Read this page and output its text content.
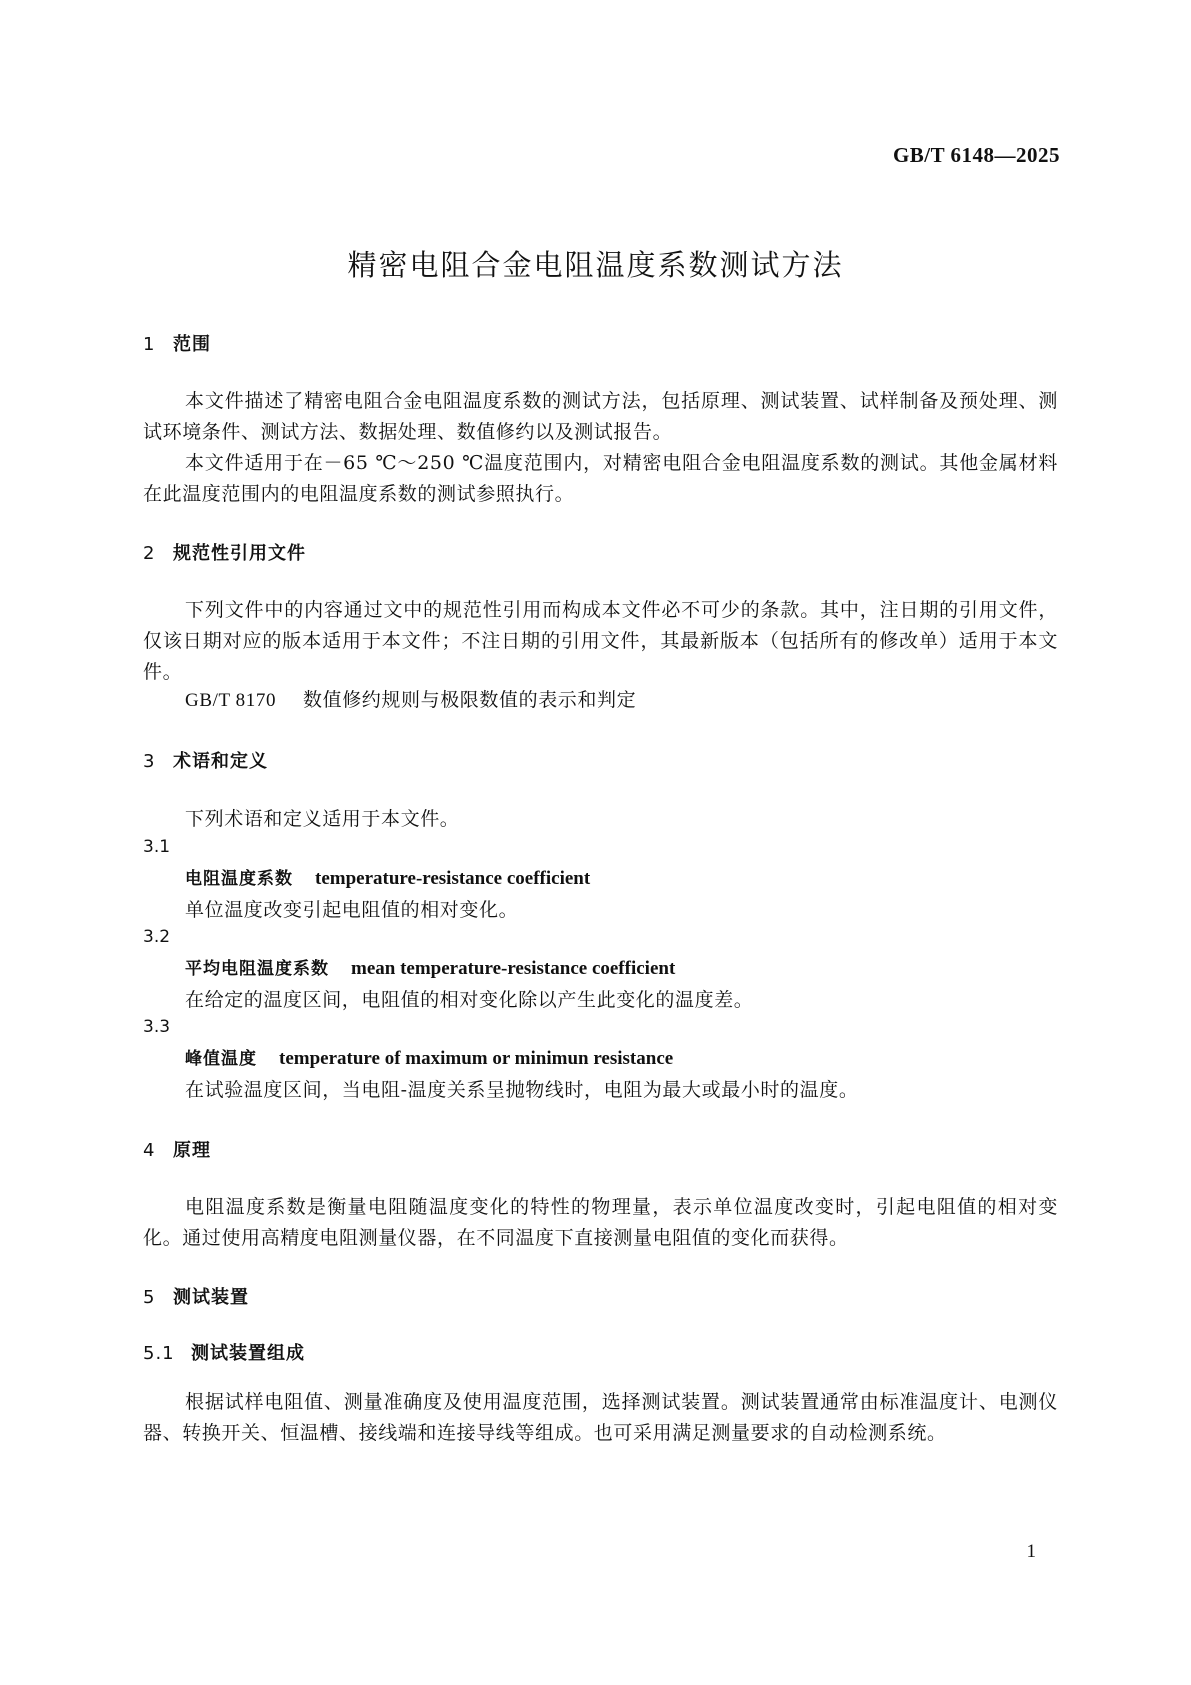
GB/T 6148—2025
精密电阻合金电阻温度系数测试方法
1 范围
本文件描述了精密电阻合金电阻温度系数的测试方法，包括原理、测试装置、试样制备及预处理、测试环境条件、测试方法、数据处理、数值修约以及测试报告。
本文件适用于在－65 ℃～250 ℃温度范围内，对精密电阻合金电阻温度系数的测试。其他金属材料在此温度范围内的电阻温度系数的测试参照执行。
2 规范性引用文件
下列文件中的内容通过文中的规范性引用而构成本文件必不可少的条款。其中，注日期的引用文件，仅该日期对应的版本适用于本文件；不注日期的引用文件，其最新版本（包括所有的修改单）适用于本文件。
GB/T 8170 数值修约规则与极限数值的表示和判定
3 术语和定义
下列术语和定义适用于本文件。
3.1
电阻温度系数 temperature-resistance coefficient
单位温度改变引起电阻值的相对变化。
3.2
平均电阻温度系数 mean temperature-resistance coefficient
在给定的温度区间，电阻值的相对变化除以产生此变化的温度差。
3.3
峰值温度 temperature of maximum or minimun resistance
在试验温度区间，当电阻-温度关系呈抛物线时，电阻为最大或最小时的温度。
4 原理
电阻温度系数是衡量电阻随温度变化的特性的物理量，表示单位温度改变时，引起电阻值的相对变化。通过使用高精度电阻测量仪器，在不同温度下直接测量电阻值的变化而获得。
5 测试装置
5.1 测试装置组成
根据试样电阻值、测量准确度及使用温度范围，选择测试装置。测试装置通常由标准温度计、电测仪器、转换开关、恒温槽、接线端和连接导线等组成。也可采用满足测量要求的自动检测系统。
1
